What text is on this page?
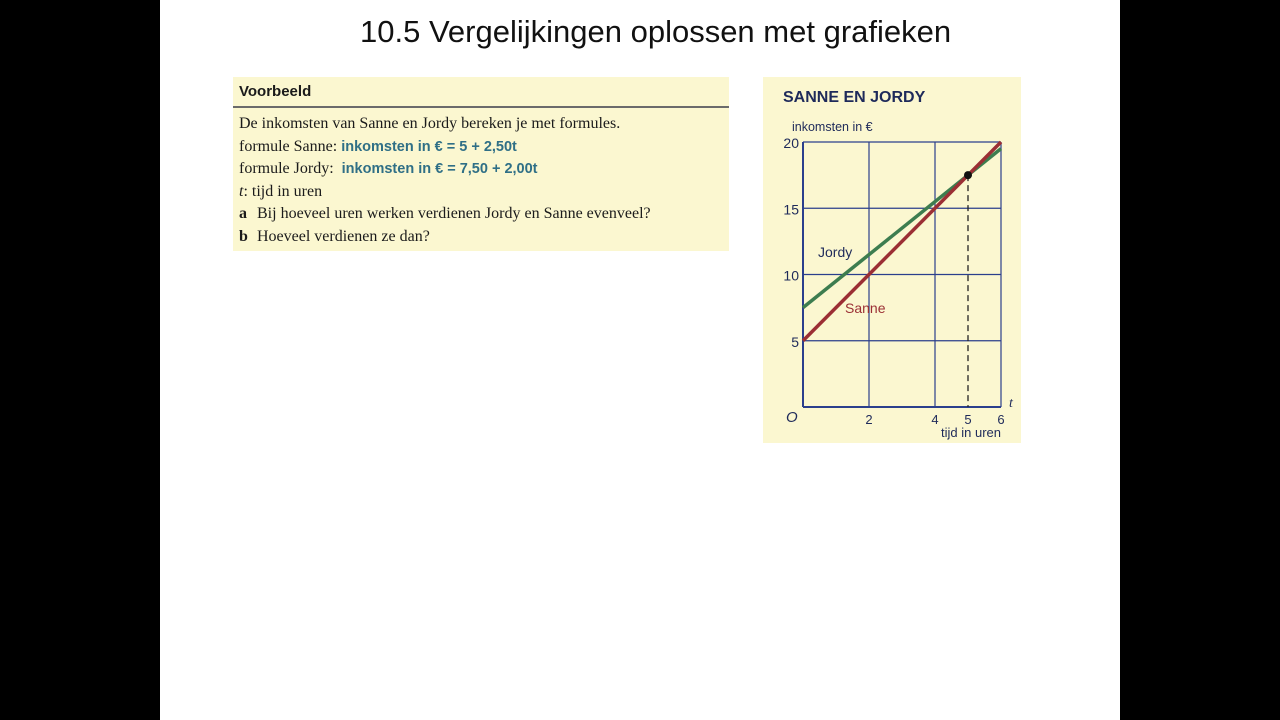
10.5 Vergelijkingen oplossen met grafieken
Voorbeeld
De inkomsten van Sanne en Jordy bereken je met formules.
formule Sanne: inkomsten in € = 5 + 2,50t
formule Jordy:  inkomsten in € = 7,50 + 2,00t
t: tijd in uren
a Bij hoeveel uren werken verdienen Jordy en Sanne evenveel?
b Hoeveel verdienen ze dan?
SANNE EN JORDY
inkomsten in €
tijd in uren
t
O
5
10
15
20
2	4 5 6
Jordy
Sanne
